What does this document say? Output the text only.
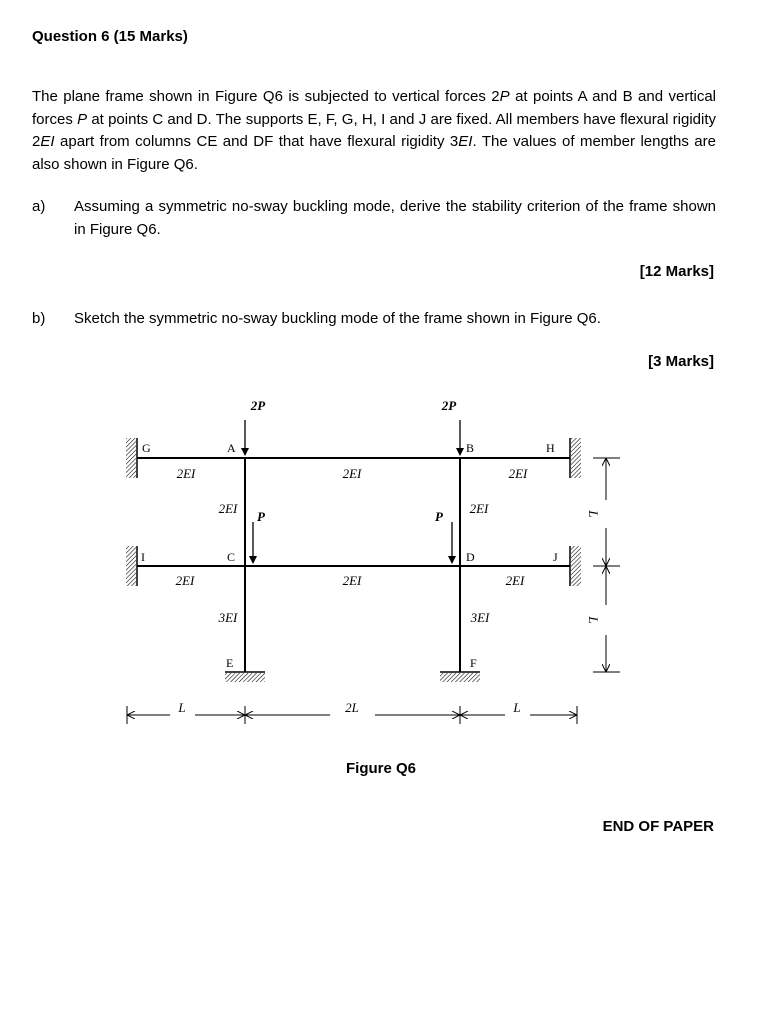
Question 6 (15 Marks)
The plane frame shown in Figure Q6 is subjected to vertical forces 2P at points A and B and vertical forces P at points C and D. The supports E, F, G, H, I and J are fixed. All members have flexural rigidity 2EI apart from columns CE and DF that have flexural rigidity 3EI. The values of member lengths are also shown in Figure Q6.
a) Assuming a symmetric no-sway buckling mode, derive the stability criterion of the frame shown in Figure Q6.
[12 Marks]
b) Sketch the symmetric no-sway buckling mode of the frame shown in Figure Q6.
[3 Marks]
2P	2P
P	P
G	A	B	H
I	C	D	J
E	F
2EI	2EI	2EI
2EI	2EI
2EI	2EI	2EI
3EI	3EI
L	2L	L
L
L
Figure Q6
END OF PAPER
